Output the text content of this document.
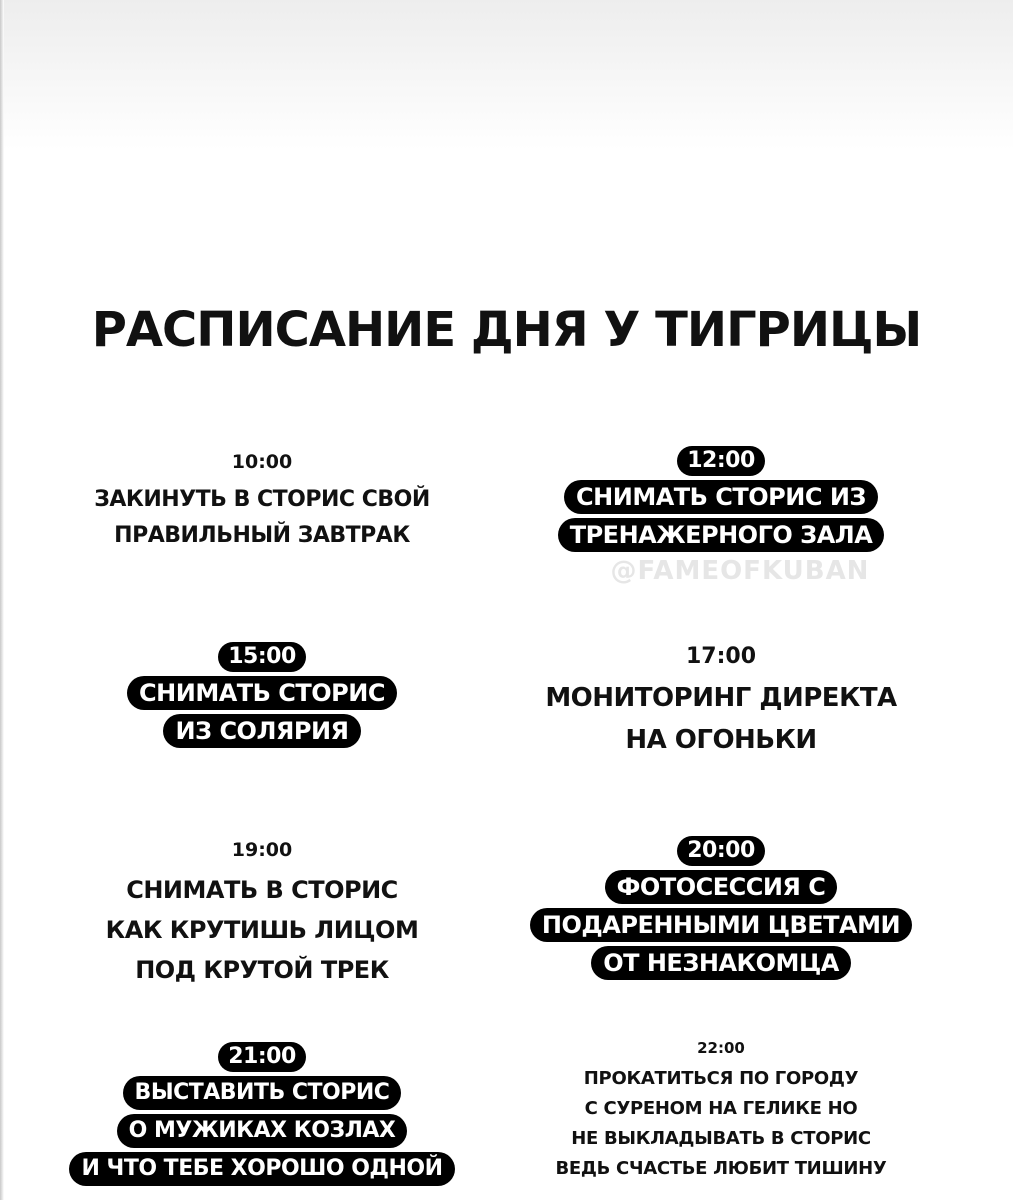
РАСПИСАНИЕ ДНЯ У ТИГРИЦЫ
10:00
ЗАКИНУТЬ В СТОРИС СВОЙ
ПРАВИЛЬНЫЙ ЗАВТРАК
12:00
СНИМАТЬ СТОРИС ИЗ
ТРЕНАЖЕРНОГО ЗАЛА
@FAMEOFKUBAN
15:00
СНИМАТЬ СТОРИС
ИЗ СОЛЯРИЯ
17:00
МОНИТОРИНГ ДИРЕКТА
НА ОГОНЬКИ
19:00
СНИМАТЬ В СТОРИС
КАК КРУТИШЬ ЛИЦОМ
ПОД КРУТОЙ ТРЕК
20:00
ФОТОСЕССИЯ С
ПОДАРЕННЫМИ ЦВЕТАМИ
ОТ НЕЗНАКОМЦА
21:00
ВЫСТАВИТЬ СТОРИС
О МУЖИКАХ КОЗЛАХ
И ЧТО ТЕБЕ ХОРОШО ОДНОЙ
22:00
ПРОКАТИТЬСЯ ПО ГОРОДУ
С СУРЕНОМ НА ГЕЛИКЕ НО
НЕ ВЫКЛАДЫВАТЬ В СТОРИС
ВЕДЬ СЧАСТЬЕ ЛЮБИТ ТИШИНУ
